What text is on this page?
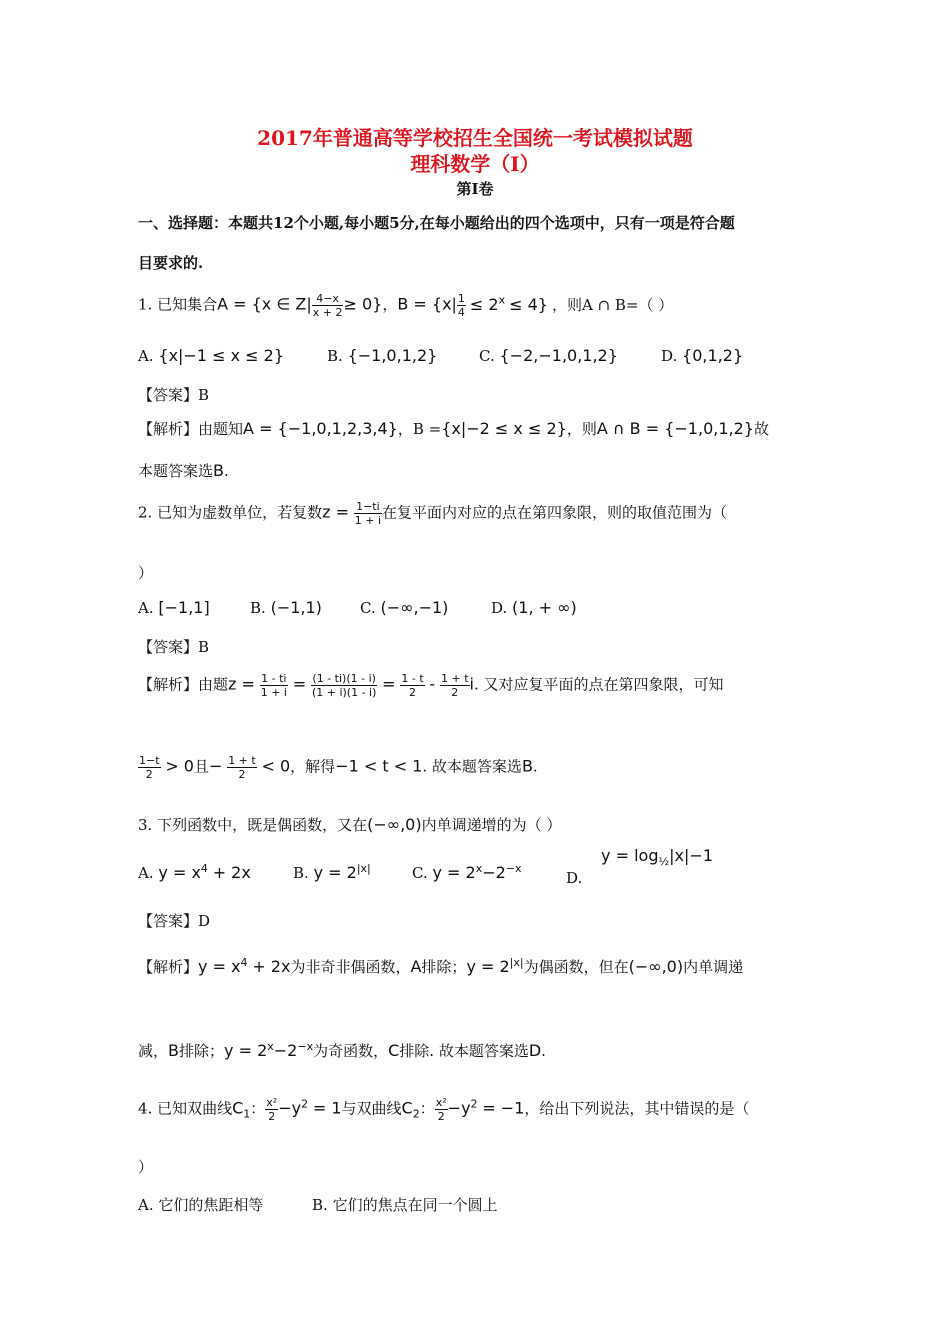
2017年普通高等学校招生全国统一考试模拟试题
理科数学（Ⅰ）
第Ⅰ卷
一、选择题：本题共12个小题,每小题5分,在每小题给出的四个选项中，只有一项是符合题
目要求的.
1. 已知集合A = {x ∈ $Z| \frac{4-x}{x + 2} \ge 0$}，$B = \{x| \frac{1}{4} \le 2^x \le 4\}$ ，则A ∩ B=（ ）
A. {x|−1 ≤ x ≤ 2}	B. {−1,0,1,2}	C. {−2,−1,0,1,2}	D. {0,1,2}
【答案】B
【解析】由题知A = {−1,0,1,2,3,4}，B ={x|−2 ≤ x ≤ 2}，则A ∩ B = {−1,0,1,2}故
本题答案选B.
2. 已知为虚数单位，若复数$z = \frac{1-ti}{1 + i}$ 在复平面内对应的点在第四象限，则的取值范围为（
）
A. [−1,1]	B. (−1,1)	C. (−∞,−1)	D. (1, + ∞)
【答案】B
【解析】由题$z = \frac{1 - ti}{1 + i} = \frac{(1 - ti)(1 - i)}{(1 + i)(1 - i)} = \frac{1 - t}{2} - \frac{1 + t}{2} i$. 又对应复平面的点在第四象限，可知
$\frac{1-t}{2} > 0$且− $\frac{1 + t}{2} < 0$，解得−1 < t < 1. 故本题答案选B.
3. 下列函数中，既是偶函数，又在(−∞,0)内单调递增的为（ ）
A. $y = x^4 + 2x$	B. $y = 2^{|x|}$	C. $y = 2^x-2^{-x}$
D. $y = \log_{\frac{1}{2}}|x|-1$
【答案】D
【解析】$y = x^4 + 2x$为非奇非偶函数，A排除；$y = 2^{|x|}$为偶函数，但在(−∞,0)内单调递
减，B排除；$y = 2^x-2^{-x}$为奇函数，C排除. 故本题答案选D.
4. 已知双曲线$C_1$： $\frac{\text{x²}}{2} -y^2 = 1$与双曲线$C_2$： $\frac{\text{x²}}{2} -y^2 = -1$，给出下列说法，其中错误的是（
）
A. 它们的焦距相等	B. 它们的焦点在同一个圆上
